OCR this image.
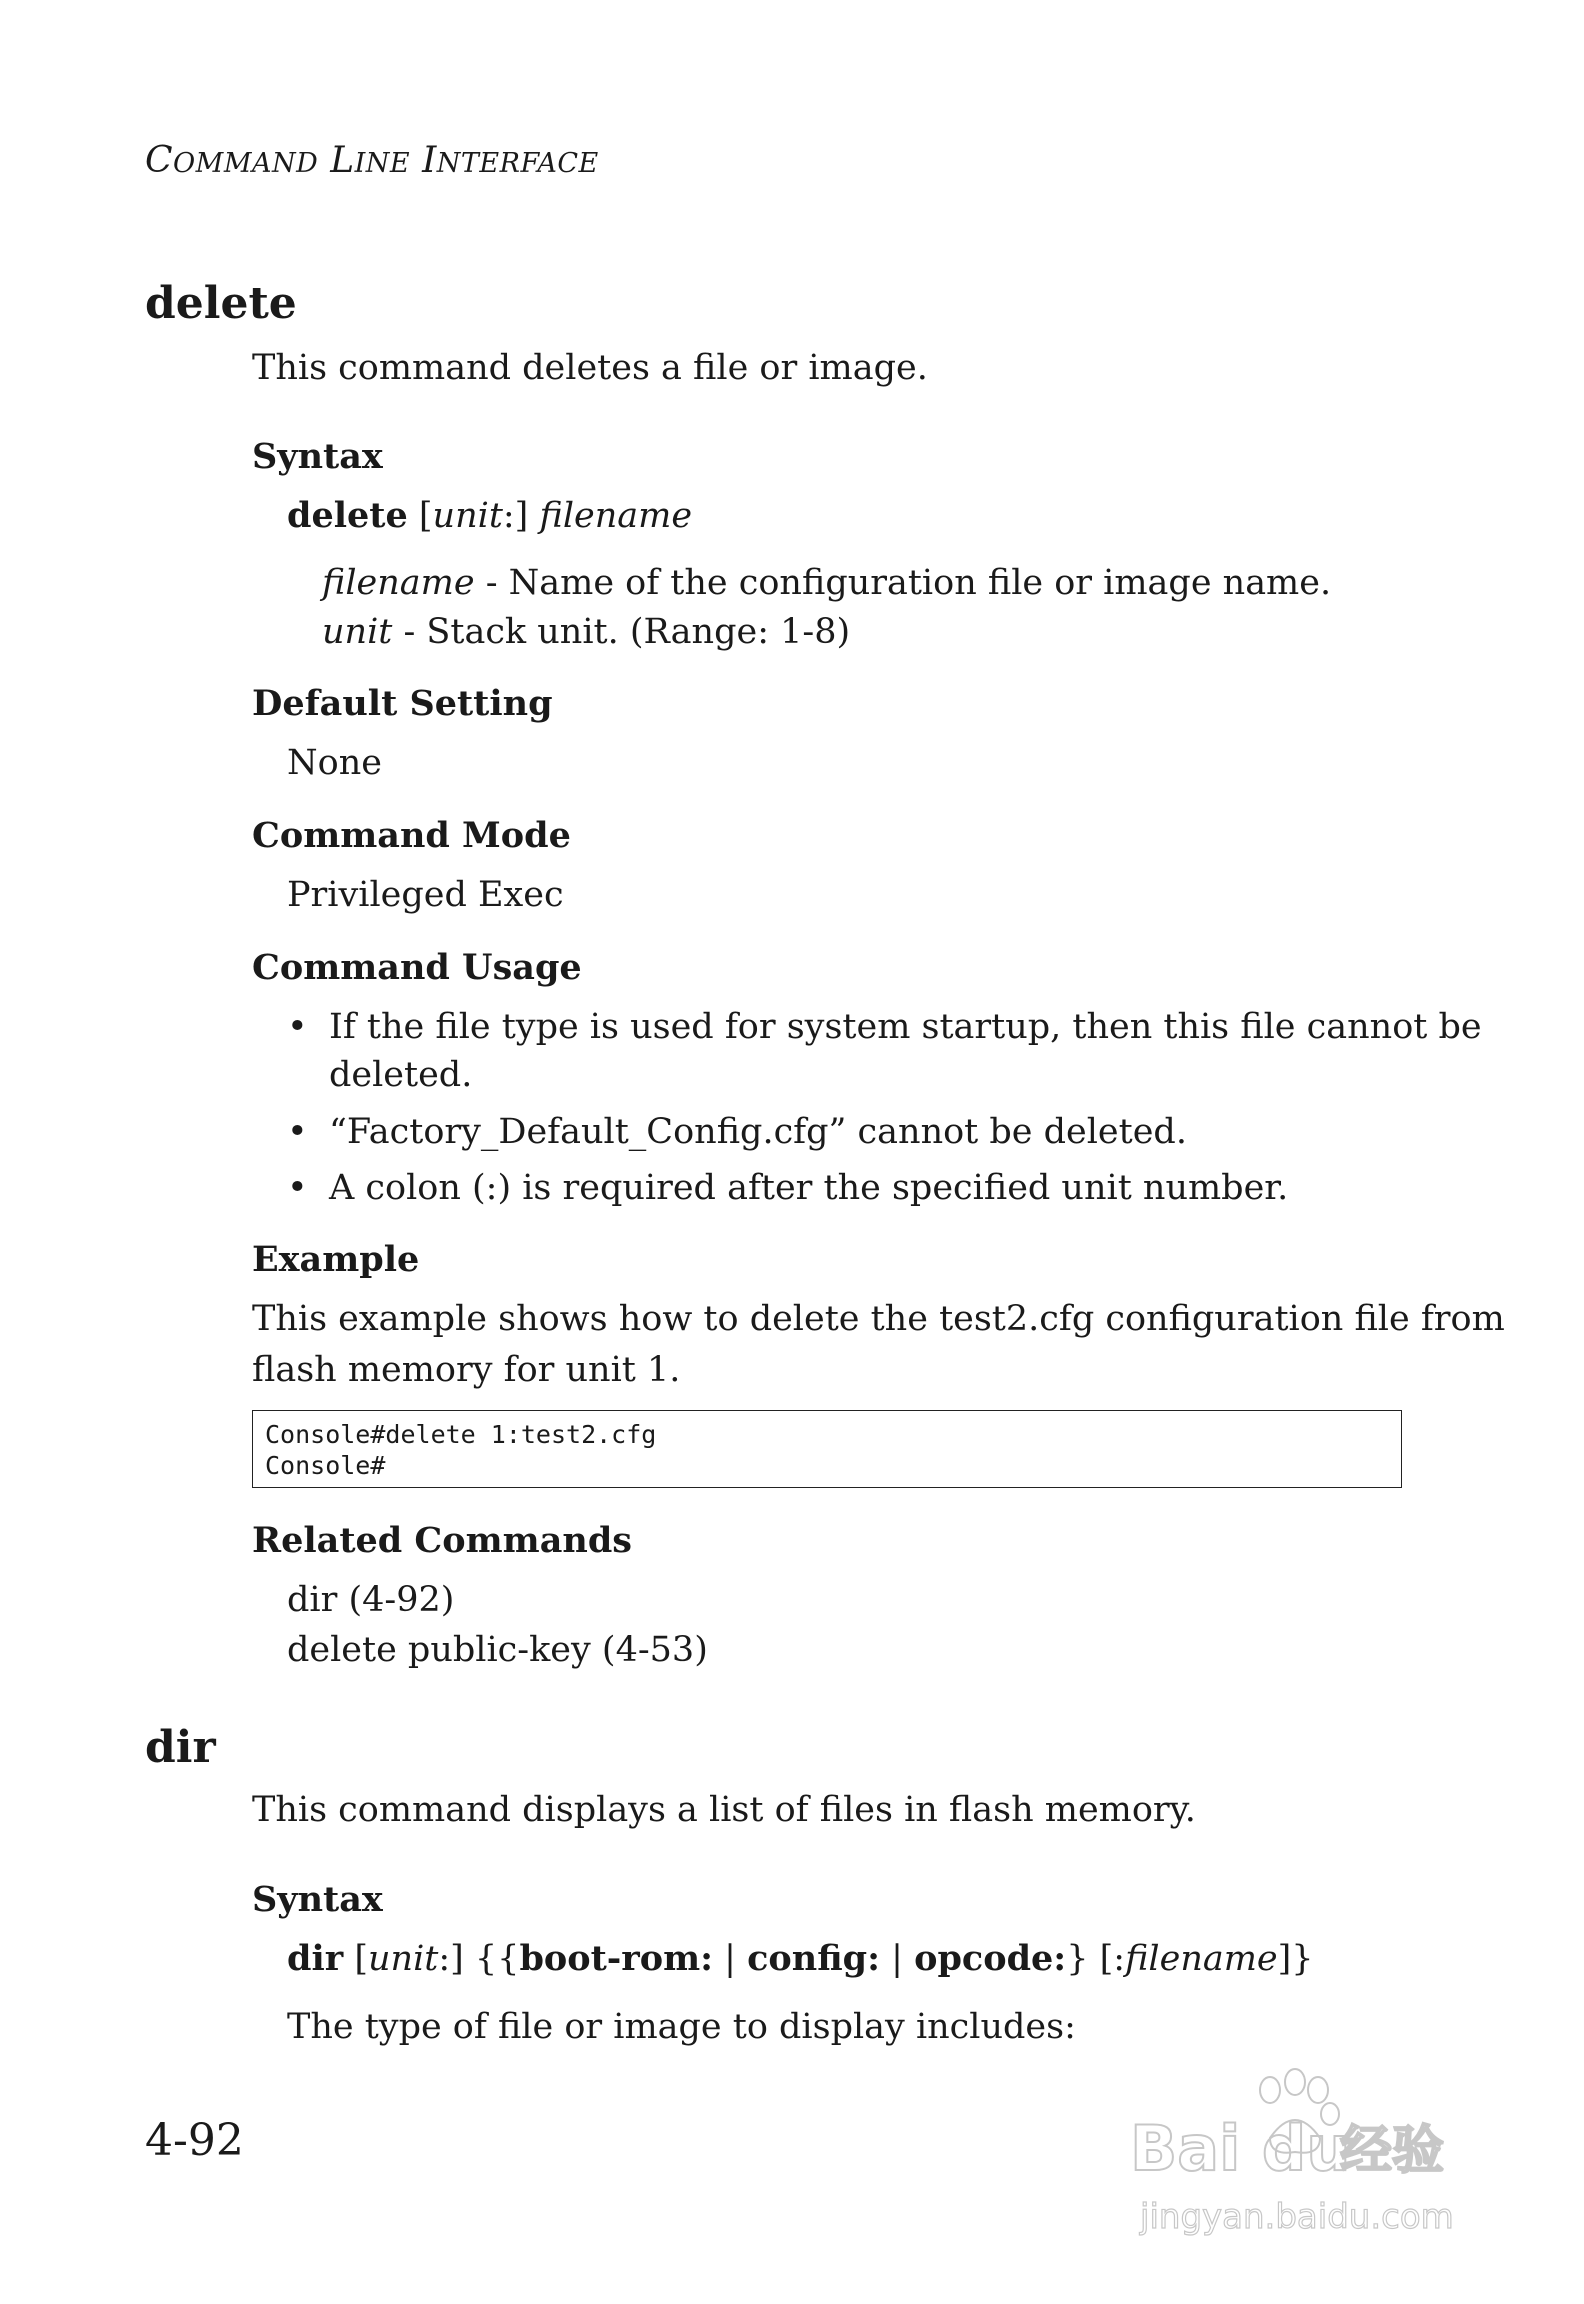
COMMAND LINE INTERFACE
delete
This command deletes a file or image.
Syntax
delete [unit:] filename
filename - Name of the configuration file or image name.
unit - Stack unit. (Range: 1-8)
Default Setting
None
Command Mode
Privileged Exec
Command Usage
• If the file type is used for system startup, then this file cannot be
deleted.
• “Factory_Default_Config.cfg” cannot be deleted.
• A colon (:) is required after the specified unit number.
Example
This example shows how to delete the test2.cfg configuration file from
flash memory for unit 1.
Console#delete 1:test2.cfg
Console#
Related Commands
dir (4-92)
delete public-key (4-53)
dir
This command displays a list of files in flash memory.
Syntax
dir [unit:] {{boot-rom: | config: | opcode:} [:filename]}
The type of file or image to display includes:
4-92	Bai du
经验
jingyan.baidu.com
